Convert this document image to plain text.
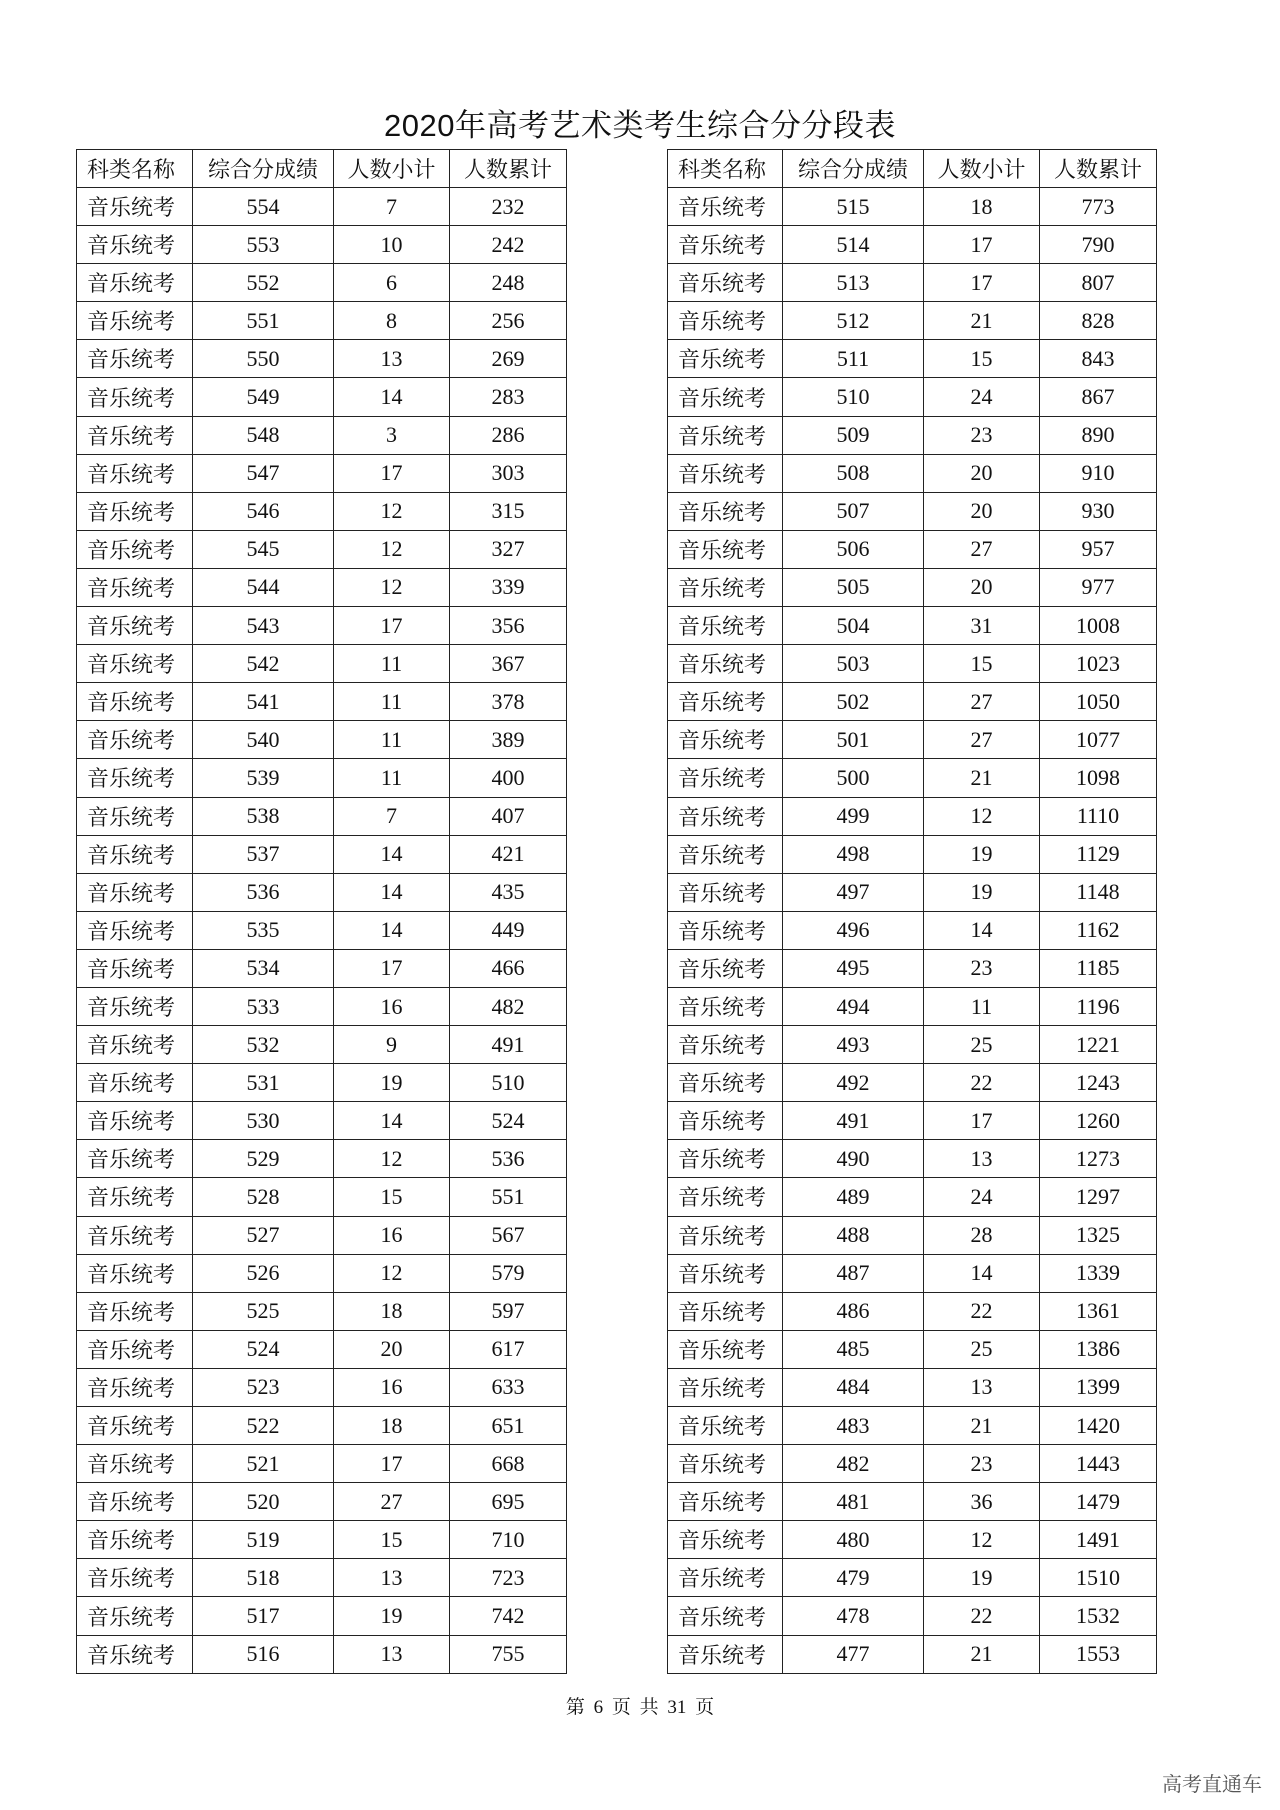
2020年高考艺术类考生综合分分段表
科类名称	综合分成绩	人数小计	人数累计
音乐统考	554	7	232
音乐统考	553	10	242
音乐统考	552	6	248
音乐统考	551	8	256
音乐统考	550	13	269
音乐统考	549	14	283
音乐统考	548	3	286
音乐统考	547	17	303
音乐统考	546	12	315
音乐统考	545	12	327
音乐统考	544	12	339
音乐统考	543	17	356
音乐统考	542	11	367
音乐统考	541	11	378
音乐统考	540	11	389
音乐统考	539	11	400
音乐统考	538	7	407
音乐统考	537	14	421
音乐统考	536	14	435
音乐统考	535	14	449
音乐统考	534	17	466
音乐统考	533	16	482
音乐统考	532	9	491
音乐统考	531	19	510
音乐统考	530	14	524
音乐统考	529	12	536
音乐统考	528	15	551
音乐统考	527	16	567
音乐统考	526	12	579
音乐统考	525	18	597
音乐统考	524	20	617
音乐统考	523	16	633
音乐统考	522	18	651
音乐统考	521	17	668
音乐统考	520	27	695
音乐统考	519	15	710
音乐统考	518	13	723
音乐统考	517	19	742
音乐统考	516	13	755
科类名称	综合分成绩	人数小计	人数累计
音乐统考	515	18	773
音乐统考	514	17	790
音乐统考	513	17	807
音乐统考	512	21	828
音乐统考	511	15	843
音乐统考	510	24	867
音乐统考	509	23	890
音乐统考	508	20	910
音乐统考	507	20	930
音乐统考	506	27	957
音乐统考	505	20	977
音乐统考	504	31	1008
音乐统考	503	15	1023
音乐统考	502	27	1050
音乐统考	501	27	1077
音乐统考	500	21	1098
音乐统考	499	12	1110
音乐统考	498	19	1129
音乐统考	497	19	1148
音乐统考	496	14	1162
音乐统考	495	23	1185
音乐统考	494	11	1196
音乐统考	493	25	1221
音乐统考	492	22	1243
音乐统考	491	17	1260
音乐统考	490	13	1273
音乐统考	489	24	1297
音乐统考	488	28	1325
音乐统考	487	14	1339
音乐统考	486	22	1361
音乐统考	485	25	1386
音乐统考	484	13	1399
音乐统考	483	21	1420
音乐统考	482	23	1443
音乐统考	481	36	1479
音乐统考	480	12	1491
音乐统考	479	19	1510
音乐统考	478	22	1532
音乐统考	477	21	1553
第 6 页 共 31 页
高考直通车
